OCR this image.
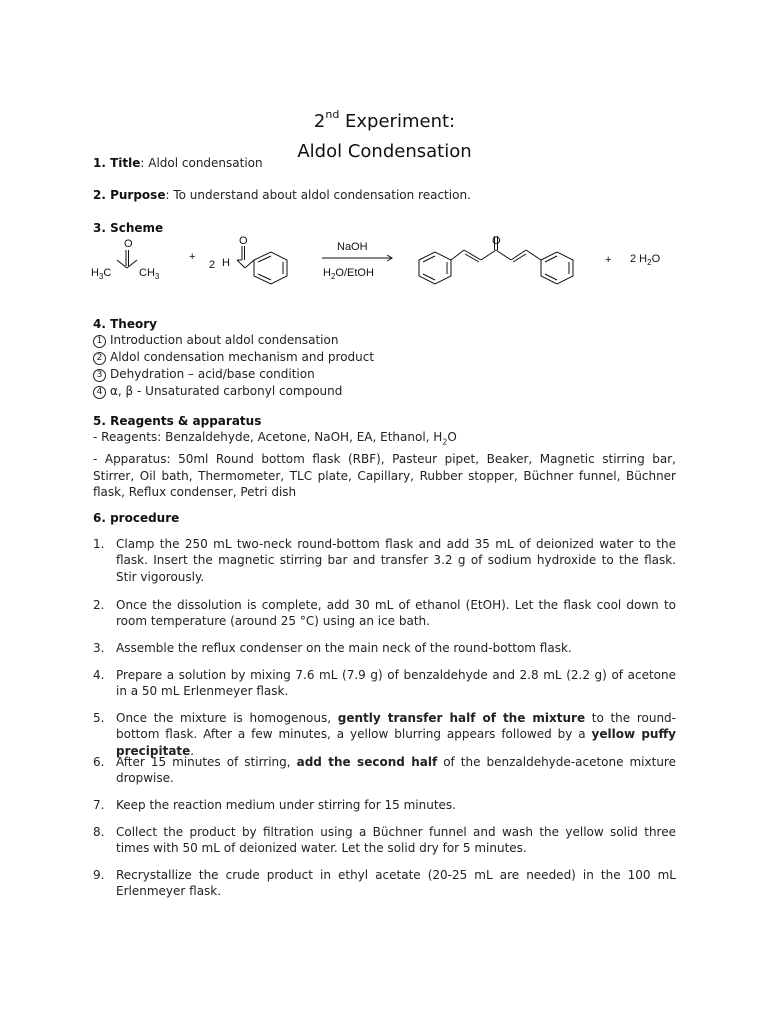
2nd Experiment:
Aldol Condensation
1. Title: Aldol condensation
2. Purpose: To understand about aldol condensation reaction.
3. Scheme
O
$H_3C$	$CH_3$
+
2 H
O	NaOH
$H_2O$/EtOH
O
+ 2 $H_2O$
4. Theory
1 Introduction about aldol condensation
2 Aldol condensation mechanism and product
3 Dehydration – acid/base condition
4 α, β - Unsaturated carbonyl compound
5. Reagents & apparatus
- Reagents: Benzaldehyde, Acetone, NaOH, EA, Ethanol, $H_2O$
- Apparatus: 50ml Round bottom flask (RBF), Pasteur pipet, Beaker, Magnetic stirring bar, Stirrer, Oil bath, Thermometer, TLC plate, Capillary, Rubber stopper, Büchner funnel, Büchner flask, Reflux condenser, Petri dish
6. procedure
1. Clamp the 250 mL two-neck round-bottom flask and add 35 mL of deionized water to the flask. Insert the magnetic stirring bar and transfer 3.2 g of sodium hydroxide to the flask. Stir vigorously.
2. Once the dissolution is complete, add 30 mL of ethanol (EtOH). Let the flask cool down to room temperature (around 25 °C) using an ice bath.
3. Assemble the reflux condenser on the main neck of the round-bottom flask.
4. Prepare a solution by mixing 7.6 mL (7.9 g) of benzaldehyde and 2.8 mL (2.2 g) of acetone in a 50 mL Erlenmeyer flask.
5. Once the mixture is homogenous, gently transfer half of the mixture to the round-bottom flask. After a few minutes, a yellow blurring appears followed by a yellow puffy precipitate.
6. After 15 minutes of stirring, add the second half of the benzaldehyde-acetone mixture dropwise.
7. Keep the reaction medium under stirring for 15 minutes.
8. Collect the product by filtration using a Büchner funnel and wash the yellow solid three times with 50 mL of deionized water. Let the solid dry for 5 minutes.
9. Recrystallize the crude product in ethyl acetate (20-25 mL are needed) in the 100 mL Erlenmeyer flask.
